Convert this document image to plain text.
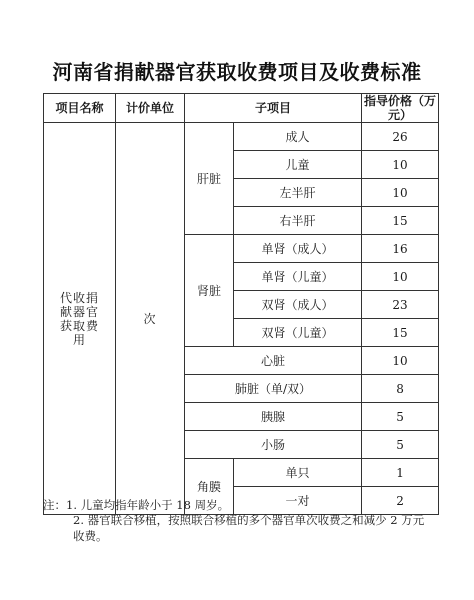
河南省捐献器官获取收费项目及收费标准
项目名称	计价单位	子项目		指导价格（万元）

代收捐献器官获取费用	次	肝脏	成人	26
			儿童	10
			左半肝	10
			右半肝	15
		肾脏	单肾（成人）	16
			单肾（儿童）	10
			双肾（成人）	23
			双肾（儿童）	15
		心脏		10
		肺脏（单/双）		8
		胰腺		5
		小肠		5
		角膜	单只	1
			一对	2
注：1. 儿童均指年龄小于 18 周岁。
2. 器官联合移植，按照联合移植的多个器官单次收费之和减少 2 万元收费。
